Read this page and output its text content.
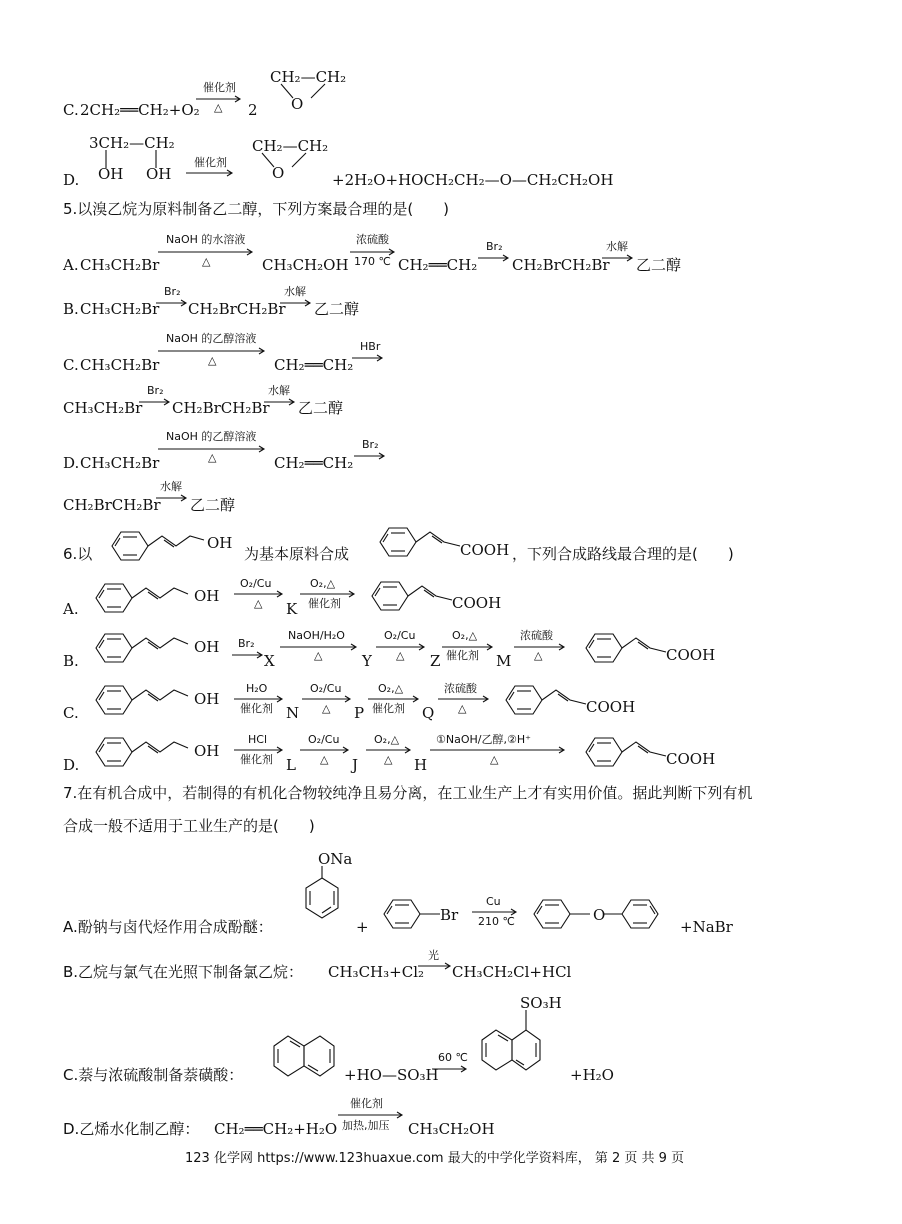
C. 2CH₂══CH₂+O₂
催化剂
△ 2
CH₂—CH₂
O
3CH₂—CH₂
D. OH OH
催化剂
CH₂—CH₂
O	+2H₂O+HOCH₂CH₂—O—CH₂CH₂OH
5.以溴乙烷为原料制备乙二醇，下列方案最合理的是(　　)
A. CH₃CH₂Br
NaOH 的水溶液
△	CH₃CH₂OH
浓硫酸
170 ℃ CH₂══CH₂
Br₂
CH₂BrCH₂Br
水解
乙二醇
B. CH₃CH₂Br
Br₂
CH₂BrCH₂Br
水解
乙二醇
C. CH₃CH₂Br
NaOH 的乙醇溶液
△	CH₂══CH₂
HBr
CH₃CH₂Br
Br₂
CH₂BrCH₂Br
水解
乙二醇
D. CH₃CH₂Br
NaOH 的乙醇溶液
△	CH₂══CH₂
Br₂
CH₂BrCH₂Br
水解
乙二醇
6.以
OH
为基本原料合成	COOH ，下列合成路线最合理的是(　　)
A.
OH
O₂/Cu
△ K
O₂,△
催化剂	COOH
B.
OH Br₂
X
NaOH/H₂O
△	Y
O₂/Cu
△ Z
O₂,△
催化剂 M
浓硫酸
△	COOH
C.
OH
H₂O
催化剂 N
O₂/Cu
△ P
O₂,△
催化剂 Q
浓硫酸
△	COOH
D.
OH
HCl
催化剂 L
O₂/Cu
△ J
O₂,△
△ H
①NaOH/乙醇,②H⁺
△	COOH
7.在有机合成中，若制得的有机化合物较纯净且易分离，在工业生产上才有实用价值。据此判断下列有机
合成一般不适用于工业生产的是(　　)
ONa
A.酚钠与卤代烃作用合成酚醚：	+
Br
Cu
210 ℃	O
+NaBr
B.乙烷与氯气在光照下制备氯乙烷： CH₃CH₃+Cl₂
光
CH₃CH₂Cl+HCl
C.萘与浓硫酸制备萘磺酸：	+HO—SO₃H
60 ℃
SO₃H
+H₂O
D.乙烯水化制乙醇： CH₂══CH₂+H₂O
催化剂
加热,加压 CH₃CH₂OH
123 化学网 https://www.123huaxue.com 最大的中学化学资料库， 第 2 页 共 9 页
